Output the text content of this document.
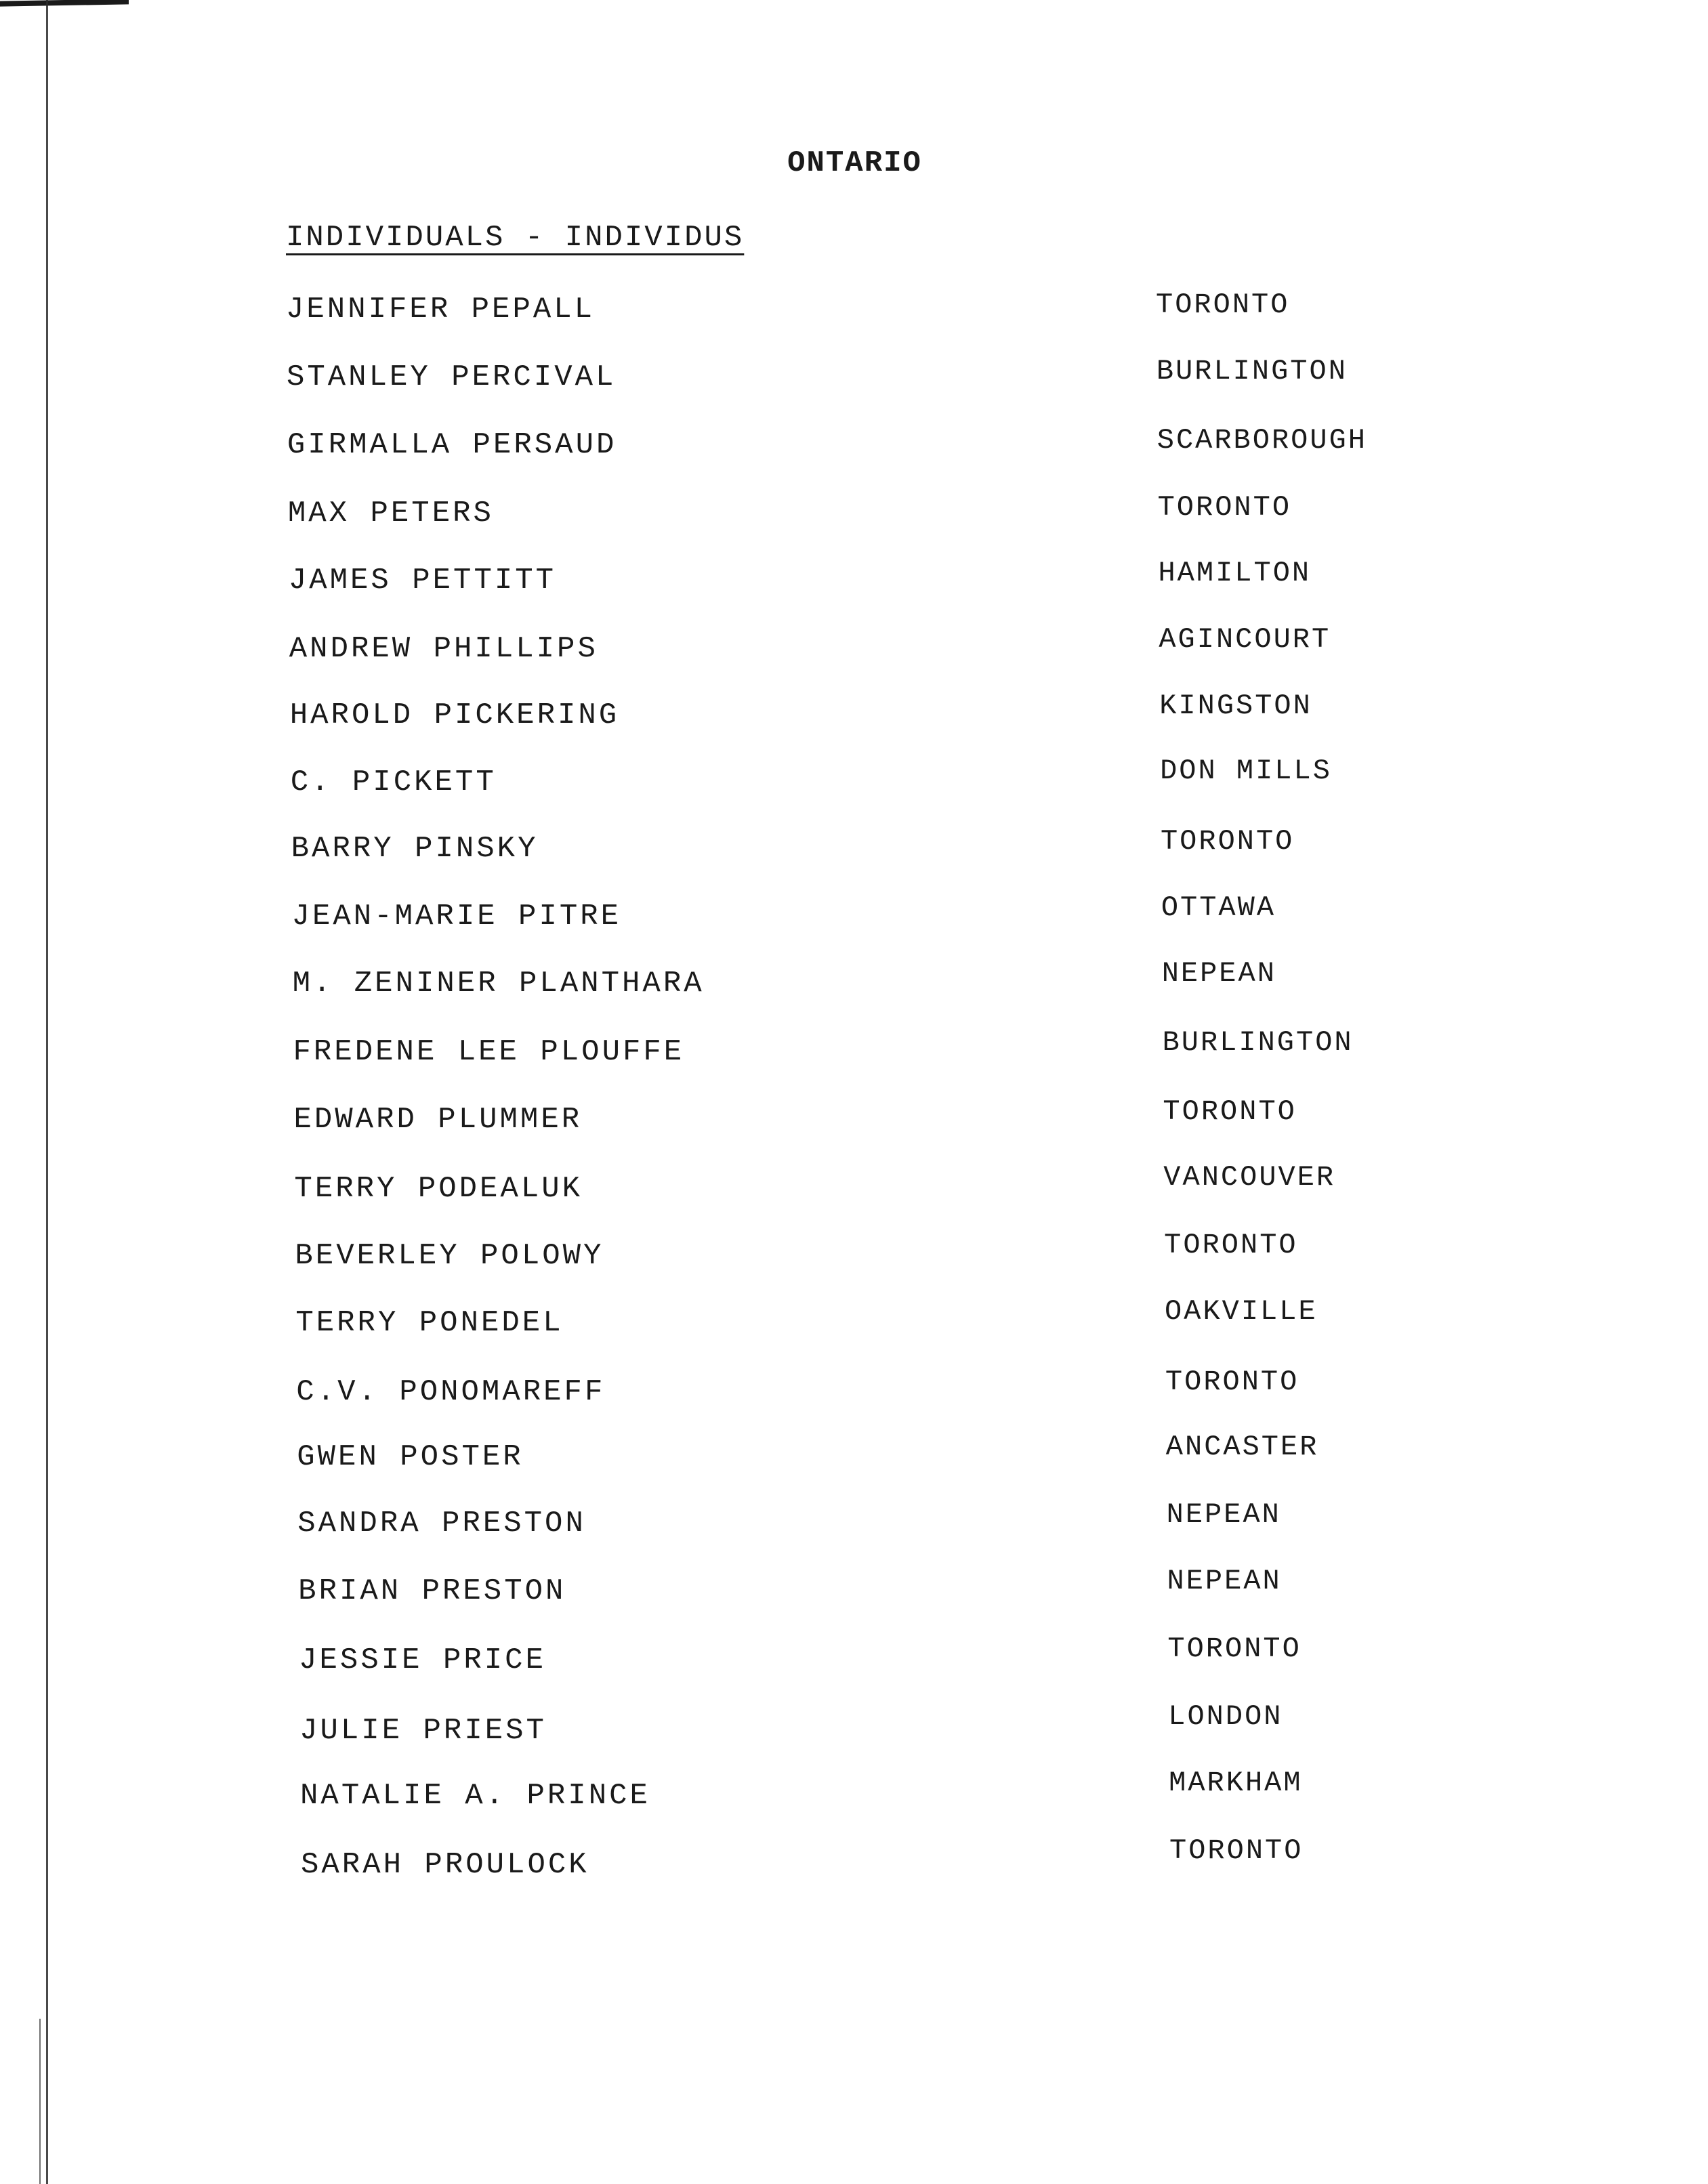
ONTARIO
INDIVIDUALS - INDIVIDUS
JENNIFER PEPALL	TORONTO
STANLEY PERCIVAL	BURLINGTON
GIRMALLA PERSAUD	SCARBOROUGH
MAX PETERS	TORONTO
JAMES PETTITT	HAMILTON
ANDREW PHILLIPS	AGINCOURT
HAROLD PICKERING	KINGSTON
C. PICKETT	DON MILLS
BARRY PINSKY	TORONTO
JEAN-MARIE PITRE	OTTAWA
M. ZENINER PLANTHARA	NEPEAN
FREDENE LEE PLOUFFE	BURLINGTON
EDWARD PLUMMER	TORONTO
TERRY PODEALUK	VANCOUVER
BEVERLEY POLOWY	TORONTO
TERRY PONEDEL	OAKVILLE
C.V. PONOMAREFF	TORONTO
GWEN POSTER	ANCASTER
SANDRA PRESTON	NEPEAN
BRIAN PRESTON	NEPEAN
JESSIE PRICE	TORONTO
JULIE PRIEST	LONDON
NATALIE A. PRINCE	MARKHAM
SARAH PROULOCK	TORONTO
